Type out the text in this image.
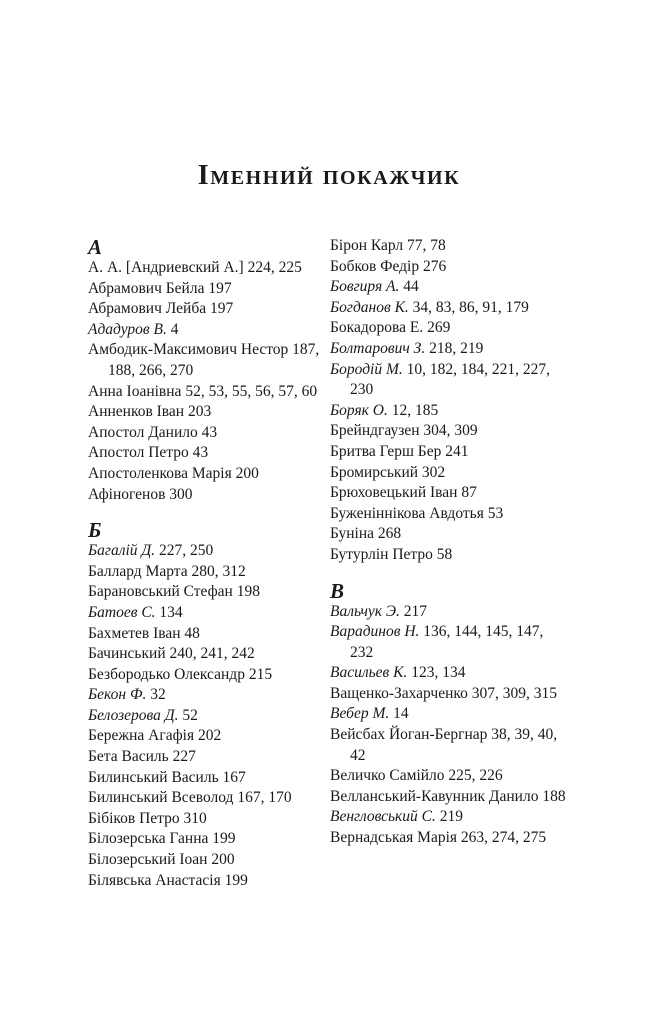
Іменний покажчик
А
А. А. [Андриевский А.] 224, 225
Абрамович Бейла 197
Абрамович Лейба 197
Ададуров В. 4
Амбодик-Максимович Нестор 187, 188, 266, 270
Анна Іоанівна 52, 53, 55, 56, 57, 60
Анненков Іван 203
Апостол Данило 43
Апостол Петро 43
Апостоленкова Марія 200
Афіногенов 300
Б
Багалій Д. 227, 250
Баллард Марта 280, 312
Барановський Стефан 198
Батоев С. 134
Бахметев Іван 48
Бачинський 240, 241, 242
Безбородько Олександр 215
Бекон Ф. 32
Белозерова Д. 52
Бережна Агафія 202
Бета Василь 227
Билинський Василь 167
Билинський Всеволод 167, 170
Бібіков Петро 310
Білозерська Ганна 199
Білозерський Іоан 200
Білявська Анастасія 199
Бірон Карл 77, 78
Бобков Федір 276
Бовгиря А. 44
Богданов К. 34, 83, 86, 91, 179
Бокадорова Е. 269
Болтарович З. 218, 219
Бородій М. 10, 182, 184, 221, 227, 230
Боряк О. 12, 185
Брейндгаузен 304, 309
Бритва Герш Бер 241
Бромирський 302
Брюховецький Іван 87
Буженіннікова Авдотья 53
Буніна 268
Бутурлін Петро 58
В
Вальчук Э. 217
Варадинов Н. 136, 144, 145, 147, 232
Васильев К. 123, 134
Ващенко-Захарченко 307, 309, 315
Вебер М. 14
Вейсбах Йоган-Бергнар 38, 39, 40, 42
Величко Самійло 225, 226
Велланський-Кавунник Данило 188
Венгловський С. 219
Вернадськая Марія 263, 274, 275
